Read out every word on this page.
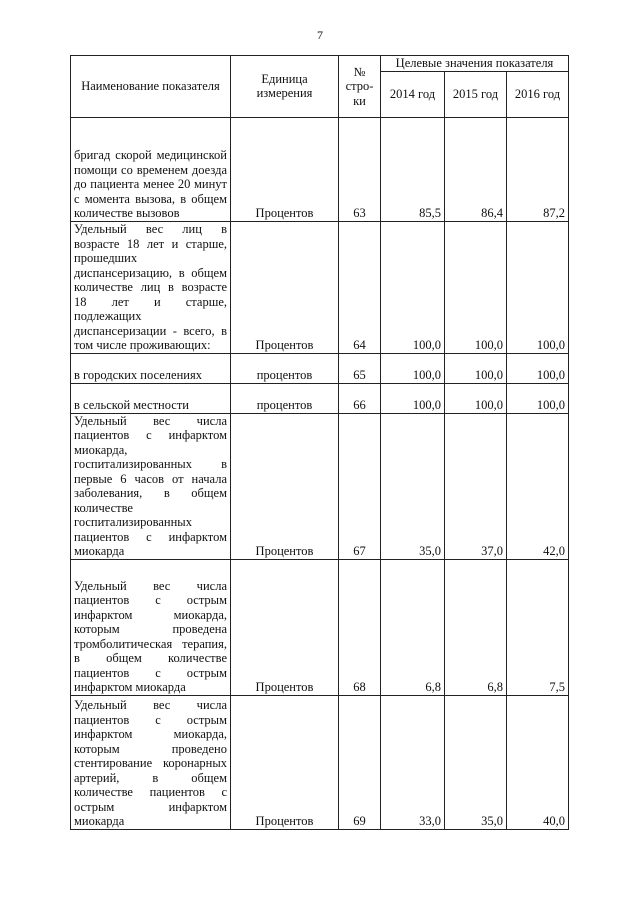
7
Наименование показателя	Единица измерения	№ стро-ки	Целевые значения показателя		
			2014 год	2015 год	2016 год
бригад скорой медицинской помощи со временем доезда до пациента менее 20 минут с момента вызова, в общем количестве вызовов	Процентов	63	85,5	86,4	87,2
Удельный вес лиц в возрасте 18 лет и старше, прошедших диспансеризацию, в общем количестве лиц в возрасте 18 лет и старше, подлежащих диспансеризации - всего, в том числе проживающих:	Процентов	64	100,0	100,0	100,0
в городских поселениях	процентов	65	100,0	100,0	100,0
в сельской местности	процентов	66	100,0	100,0	100,0
Удельный вес числа пациентов с инфарктом миокарда, госпитализированных в первые 6 часов от начала заболевания, в общем количестве госпитализированных пациентов с инфарктом миокарда	Процентов	67	35,0	37,0	42,0
Удельный вес числа пациентов с острым инфарктом миокарда, которым проведена тромболитическая терапия, в общем количестве пациентов с острым инфарктом миокарда	Процентов	68	6,8	6,8	7,5
Удельный вес числа пациентов с острым инфарктом миокарда, которым проведено стентирование коронарных артерий, в общем количестве пациентов с острым инфарктом миокарда	Процентов	69	33,0	35,0	40,0
